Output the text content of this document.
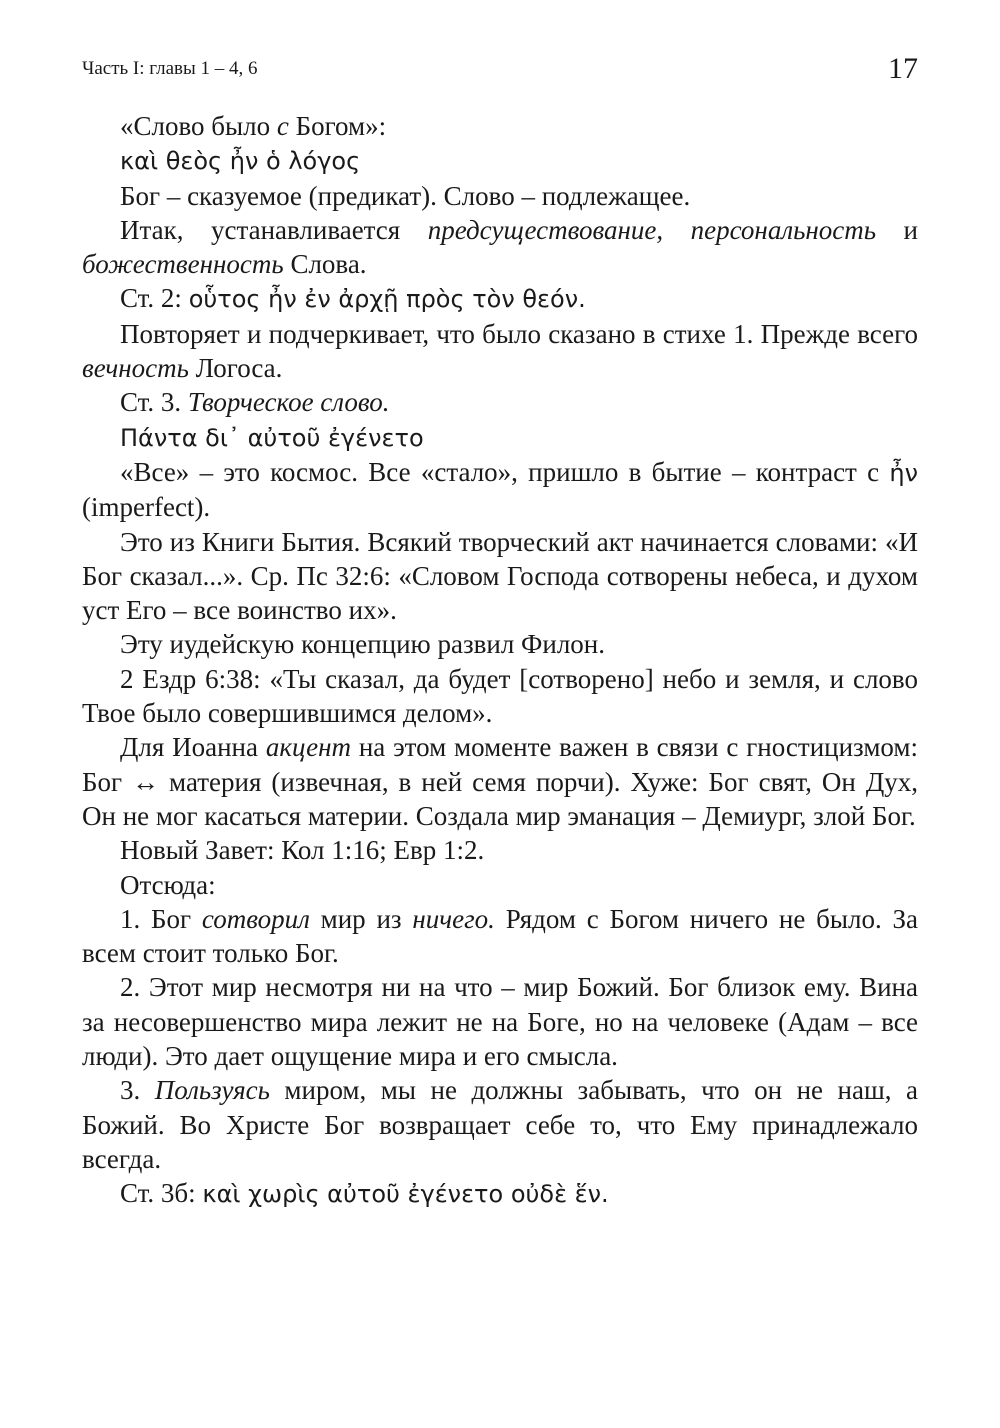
Часть I: главы 1 – 4, 6	17

«Слово было с Богом»:

καὶ θεὸς ἦν ὁ λόγος

Бог – сказуемое (предикат). Слово – подлежащее.

Итак, устанавливается предсуществование, персональность и божественность Слова.

Ст. 2: οὗτος ἦν ἐν ἀρχῇ πρὸς τὸν θεόν.

Повторяет и подчеркивает, что было сказано в стихе 1. Прежде всего вечность Логоса.

Ст. 3. Творческое слово.

Πάντα δι᾽ αὐτοῦ ἐγένετο

«Все» – это космос. Все «стало», пришло в бытие – контраст с ἦν (imperfect).

Это из Книги Бытия. Всякий творческий акт начинается словами: «И Бог сказал...». Ср. Пс 32:6: «Словом Господа сотворены небеса, и духом уст Его – все воинство их».

Эту иудейскую концепцию развил Филон.

2 Ездр 6:38: «Ты сказал, да будет [сотворено] небо и земля, и слово Твое было совершившимся делом».

Для Иоанна акцент на этом моменте важен в связи с гностицизмом: Бог ↔ материя (извечная, в ней семя порчи). Хуже: Бог свят, Он Дух, Он не мог касаться материи. Создала мир эманация – Демиург, злой Бог.

Новый Завет: Кол 1:16; Евр 1:2.

Отсюда:

1. Бог сотворил мир из ничего. Рядом с Богом ничего не было. За всем стоит только Бог.

2. Этот мир несмотря ни на что – мир Божий. Бог близок ему. Вина за несовершенство мира лежит не на Боге, но на человеке (Адам – все люди). Это дает ощущение мира и его смысла.

3. Пользуясь миром, мы не должны забывать, что он не наш, а Божий. Во Христе Бог возвращает себе то, что Ему принадлежало всегда.

Ст. 3б: καὶ χωρὶς αὐτοῦ ἐγένετο οὐδὲ ἕν.
